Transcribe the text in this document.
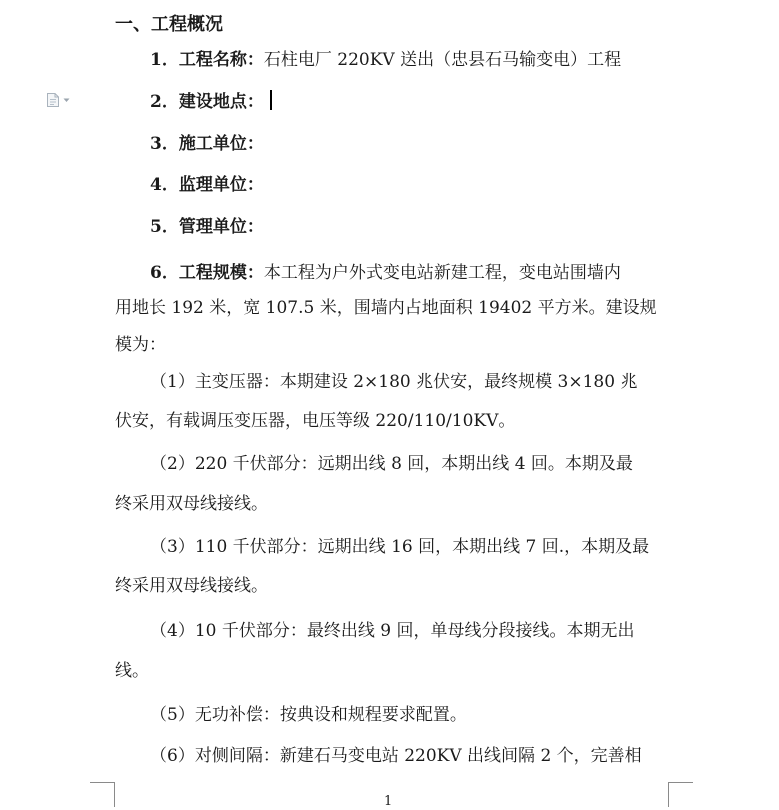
一、工程概况
1．工程名称：石柱电厂 220KV 送出（忠县石马输变电）工程
2．建设地点：
3．施工单位：
4．监理单位：
5．管理单位：
6．工程规模：本工程为户外式变电站新建工程，变电站围墙内
用地长 192 米，宽 107.5 米，围墙内占地面积 19402 平方米。建设规
模为：
（1）主变压器：本期建设 2×180 兆伏安，最终规模 3×180 兆
伏安，有载调压变压器，电压等级 220/110/10KV。
（2）220 千伏部分：远期出线 8 回，本期出线 4 回。本期及最
终采用双母线接线。
（3）110 千伏部分：远期出线 16 回，本期出线 7 回.，本期及最
终采用双母线接线。
（4）10 千伏部分：最终出线 9 回，单母线分段接线。本期无出
线。
（5）无功补偿：按典设和规程要求配置。
（6）对侧间隔：新建石马变电站 220KV 出线间隔 2 个，完善相
1
